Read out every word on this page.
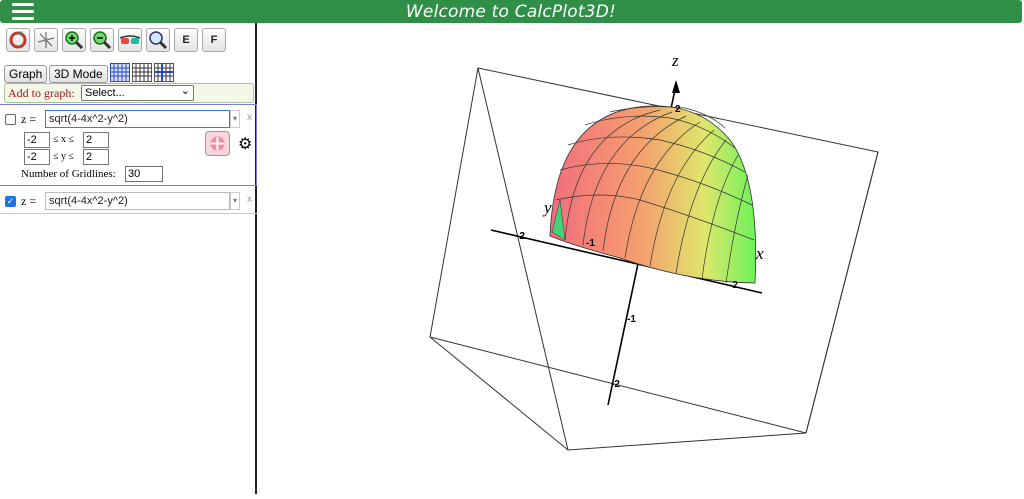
Welcome to CalcPlot3D!
E	F
Graph 3D Mode
Add to graph: Select... ⌄
z =	sqrt(4-4x^2-y^2)	▾	x
-2	≤ x ≤ 2
-2	≤ y ≤ 2
Number of Gridlines: 30
⚙
✓ z =	sqrt(4-4x^2-y^2)	▾	x
z
x
y
2
-1
-2
-2
-1
-2
